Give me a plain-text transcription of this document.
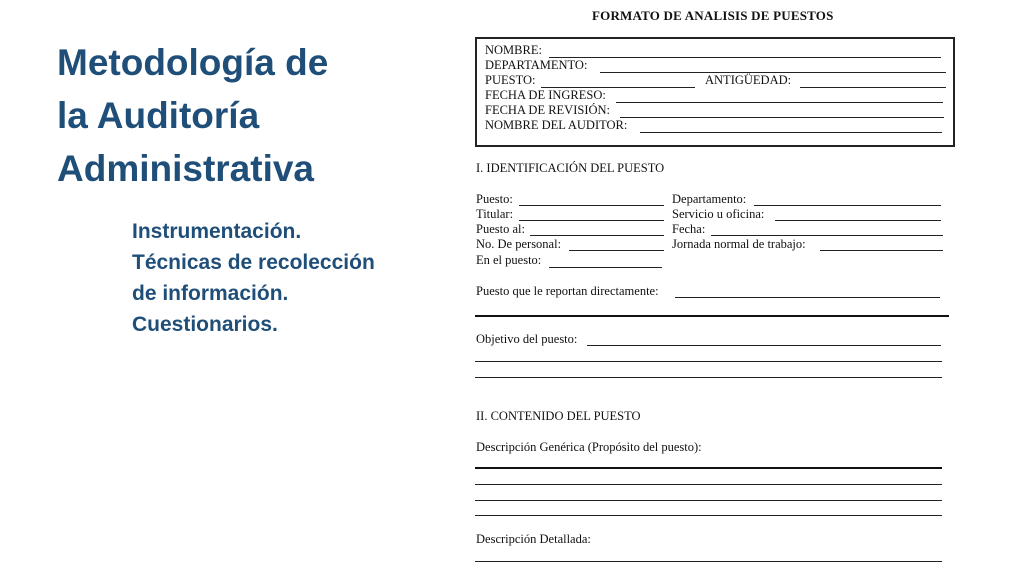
Metodología de
la Auditoría
Administrativa
Instrumentación.
Técnicas de recolección
de información.
Cuestionarios.
FORMATO DE ANALISIS DE PUESTOS
NOMBRE:
DEPARTAMENTO:
PUESTO:	ANTIGÜEDAD:
FECHA DE INGRESO:
FECHA DE REVISIÓN:
NOMBRE DEL AUDITOR:
I. IDENTIFICACIÓN DEL PUESTO
Puesto:	Departamento:
Titular:	Servicio u oficina:
Puesto al:	Fecha:
No. De personal:	Jornada normal de trabajo:
En el puesto:
Puesto que le reportan directamente:
Objetivo del puesto:
II. CONTENIDO DEL PUESTO
Descripción Genérica (Propósito del puesto):
Descripción Detallada:
